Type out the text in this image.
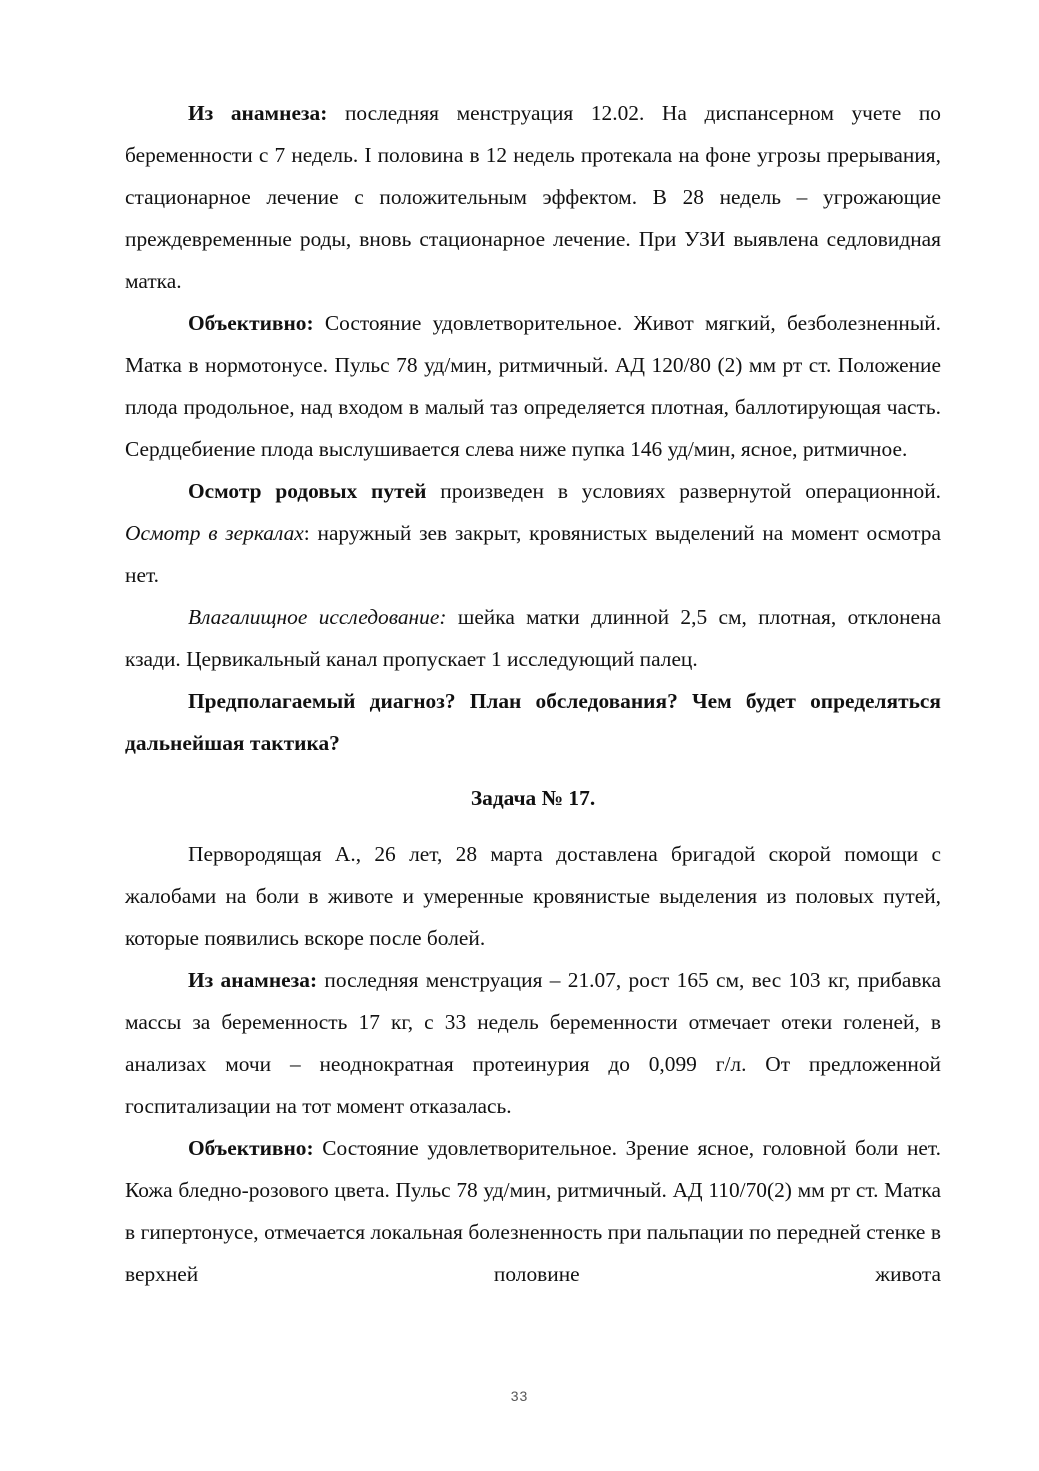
Из анамнеза: последняя менструация 12.02. На диспансерном учете по беременности с 7 недель. I половина в 12 недель протекала на фоне угрозы прерывания, стационарное лечение с положительным эффектом. В 28 недель – угрожающие преждевременные роды, вновь стационарное лечение. При УЗИ выявлена седловидная матка.

Объективно: Состояние удовлетворительное. Живот мягкий, безболезненный. Матка в нормотонусе. Пульс 78 уд/мин, ритмичный. АД 120/80 (2) мм рт ст. Положение плода продольное, над входом в малый таз определяется плотная, баллотирующая часть. Сердцебиение плода выслушивается слева ниже пупка 146 уд/мин, ясное, ритмичное.

Осмотр родовых путей произведен в условиях развернутой операционной. Осмотр в зеркалах: наружный зев закрыт, кровянистых выделений на момент осмотра нет.

Влагалищное исследование: шейка матки длинной 2,5 см, плотная, отклонена кзади. Цервикальный канал пропускает 1 исследующий палец.

Предполагаемый диагноз? План обследования? Чем будет определяться дальнейшая тактика?

Задача № 17.

Первородящая А., 26 лет, 28 марта доставлена бригадой скорой помощи с жалобами на боли в животе и умеренные кровянистые выделения из половых путей, которые появились вскоре после болей.

Из анамнеза: последняя менструация – 21.07, рост 165 см, вес 103 кг, прибавка массы за беременность 17 кг, с 33 недель беременности отмечает отеки голеней, в анализах мочи – неоднократная протеинурия до 0,099 г/л. От предложенной госпитализации на тот момент отказалась.

Объективно: Состояние удовлетворительное. Зрение ясное, головной боли нет. Кожа бледно-розового цвета. Пульс 78 уд/мин, ритмичный. АД 110/70(2) мм рт ст. Матка в гипертонусе, отмечается локальная болезненность при пальпации по передней стенке в верхней половине живота

33
